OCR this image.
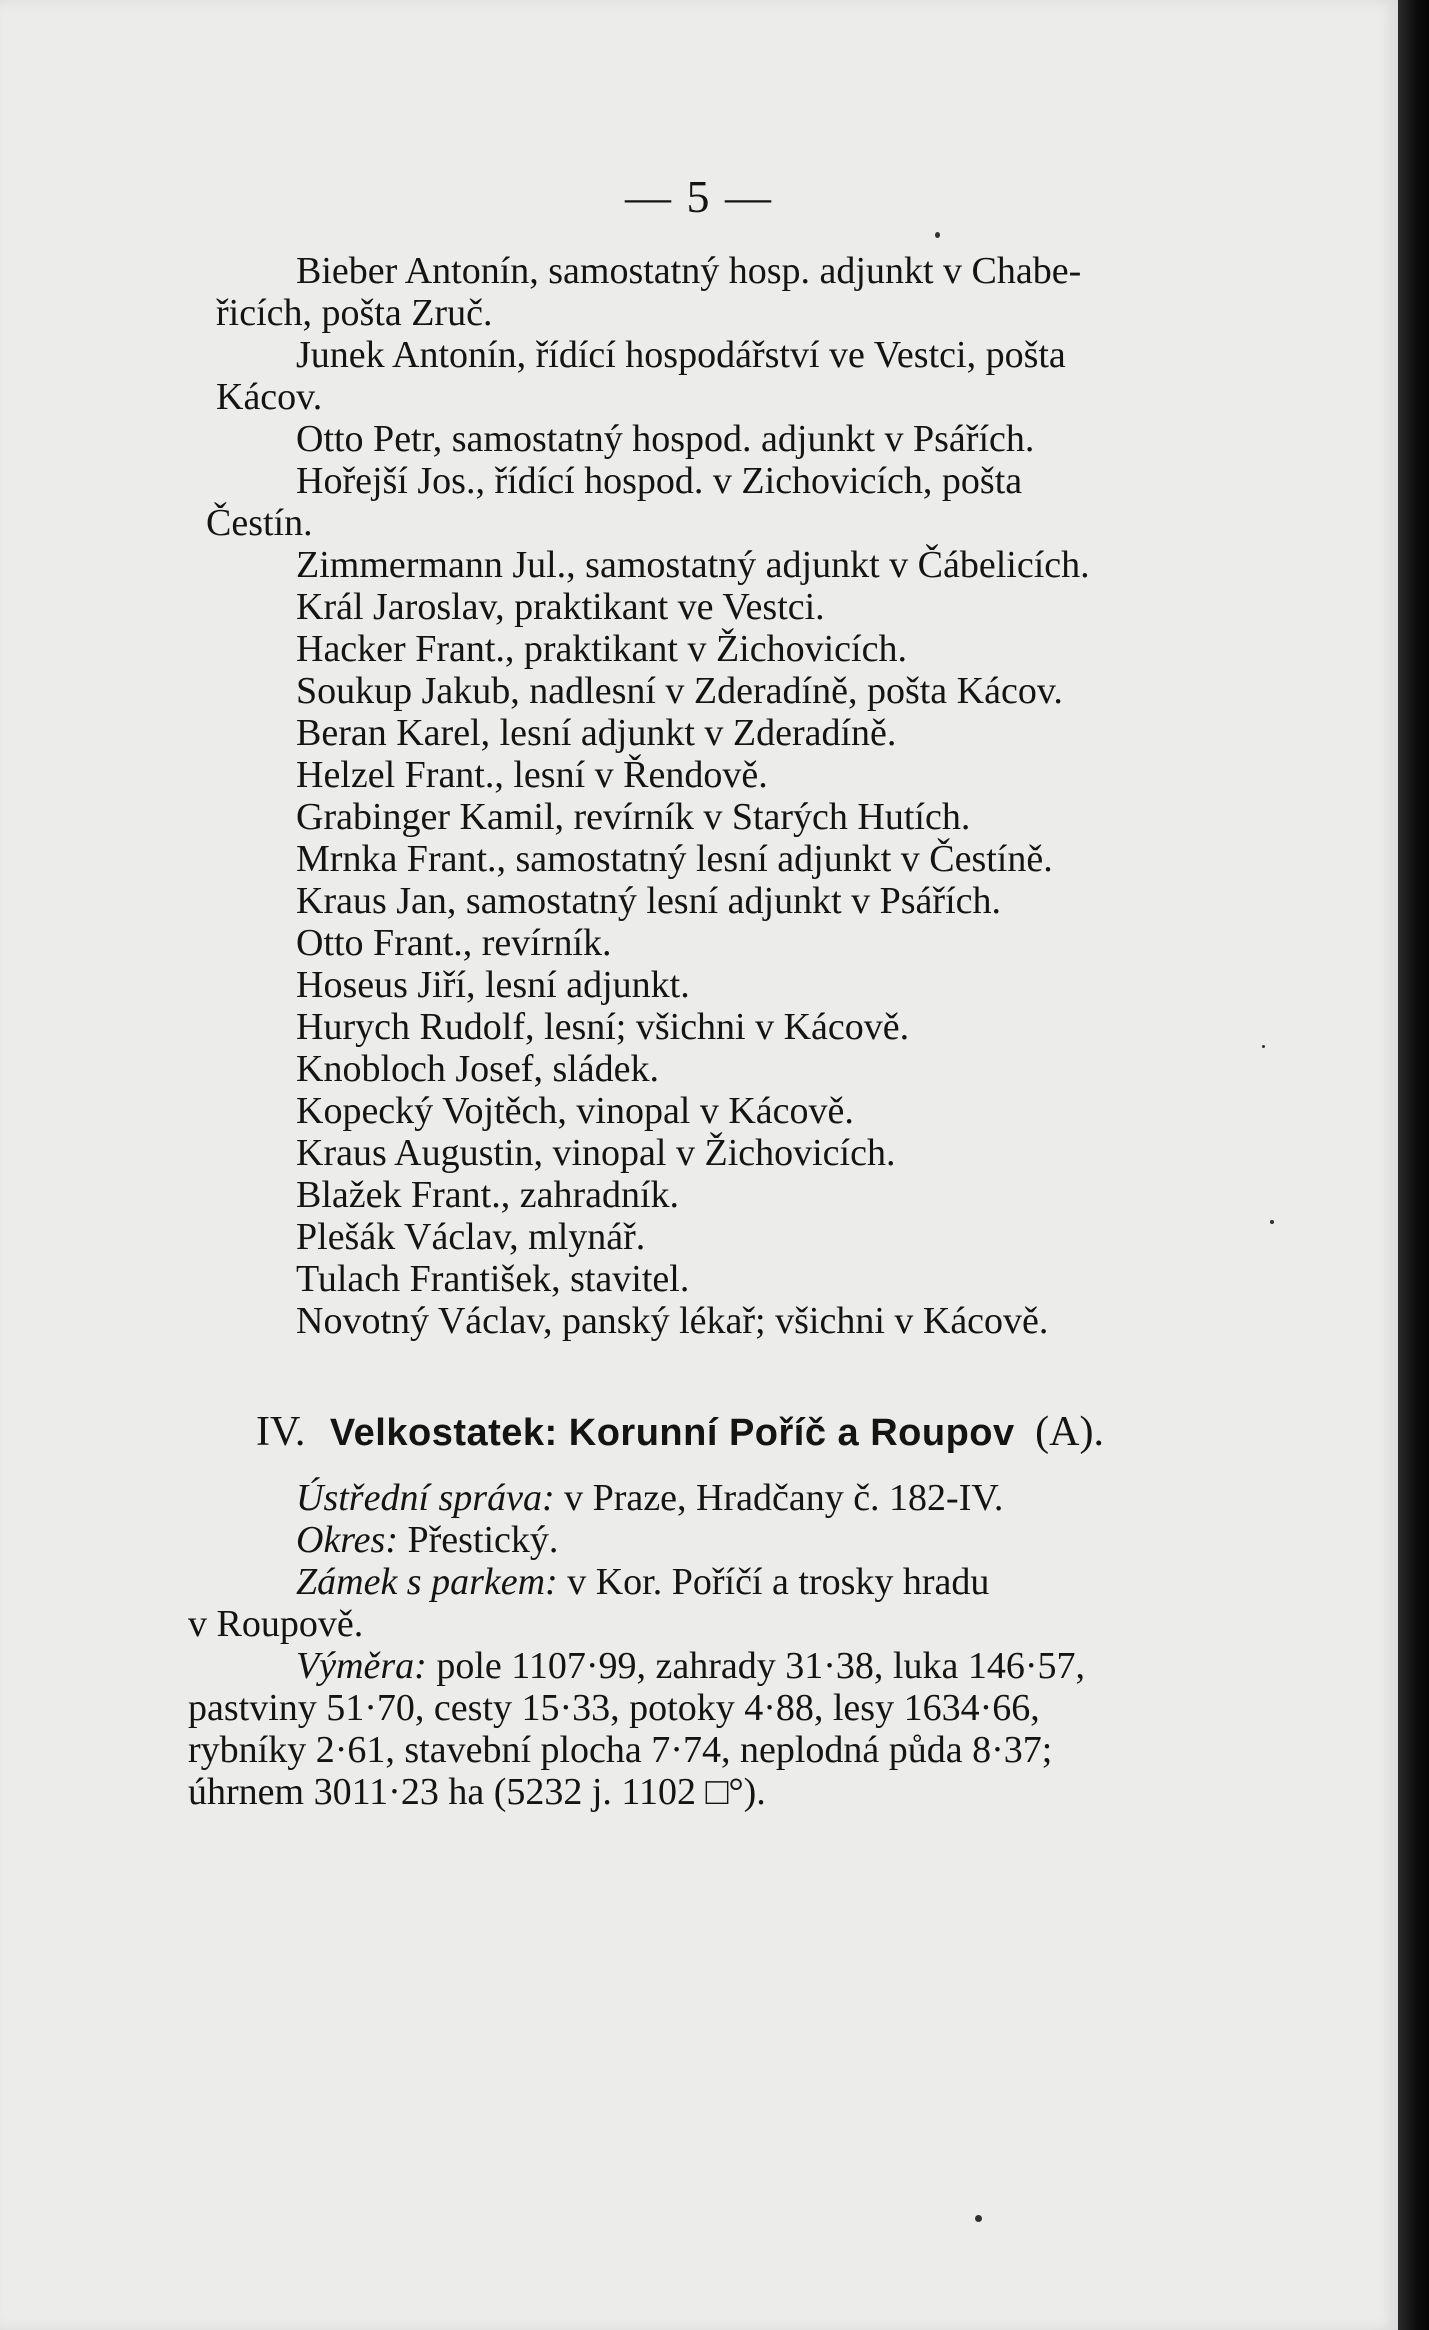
— 5 —
Bieber Antonín, samostatný hosp. adjunkt v Chabe-
řicích, pošta Zruč.
Junek Antonín, řídící hospodářství ve Vestci, pošta
Kácov.
Otto Petr, samostatný hospod. adjunkt v Psářích.
Hořejší Jos., řídící hospod. v Zichovicích, pošta
Čestín.
Zimmermann Jul., samostatný adjunkt v Čábelicích.
Král Jaroslav, praktikant ve Vestci.
Hacker Frant., praktikant v Žichovicích.
Soukup Jakub, nadlesní v Zderadíně, pošta Kácov.
Beran Karel, lesní adjunkt v Zderadíně.
Helzel Frant., lesní v Řendově.
Grabinger Kamil, revírník v Starých Hutích.
Mrnka Frant., samostatný lesní adjunkt v Čestíně.
Kraus Jan, samostatný lesní adjunkt v Psářích.
Otto Frant., revírník.
Hoseus Jiří, lesní adjunkt.
Hurych Rudolf, lesní; všichni v Kácově.
Knobloch Josef, sládek.
Kopecký Vojtěch, vinopal v Kácově.
Kraus Augustin, vinopal v Žichovicích.
Blažek Frant., zahradník.
Plešák Václav, mlynář.
Tulach František, stavitel.
Novotný Václav, panský lékař; všichni v Kácově.
IV. Velkostatek: Korunní Poříč a Roupov (A).
Ústřední správa: v Praze, Hradčany č. 182-IV.
Okres: Přestický.
Zámek s parkem: v Kor. Poříčí a trosky hradu
v Roupově.
Výměra: pole 1107·99, zahrady 31·38, luka 146·57,
pastviny 51·70, cesty 15·33, potoky 4·88, lesy 1634·66,
rybníky 2·61, stavební plocha 7·74, neplodná půda 8·37;
úhrnem 3011·23 ha (5232 j. 1102 □°).
